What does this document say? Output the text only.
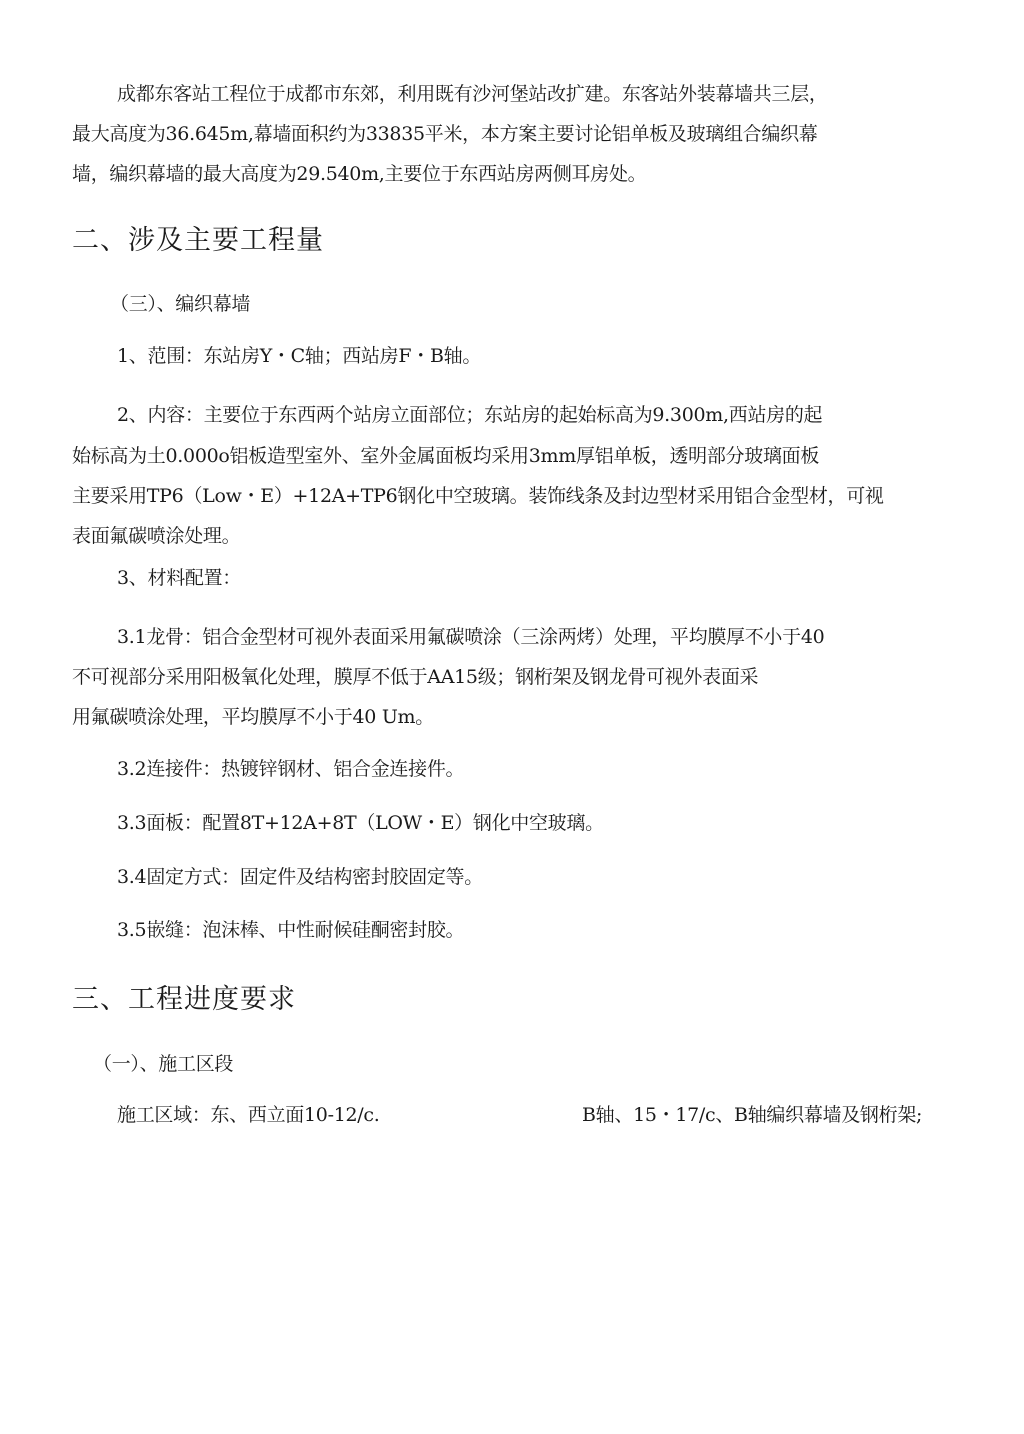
成都东客站工程位于成都市东郊，利用既有沙河堡站改扩建。东客站外装幕墙共三层，
最大高度为36.645m,幕墙面积约为33835平米，本方案主要讨论铝单板及玻璃组合编织幕
墙，编织幕墙的最大高度为29.540m,主要位于东西站房两侧耳房处。
二、涉及主要工程量
（三）、编织幕墙
1、范围：东站房Y・C轴；西站房F・B轴。
2、内容：主要位于东西两个站房立面部位；东站房的起始标高为9.300m,西站房的起
始标高为土0.000o铝板造型室外、室外金属面板均采用3mm厚铝单板，透明部分玻璃面板
主要采用TP6（Low・E）+12A+TP6钢化中空玻璃。装饰线条及封边型材采用铝合金型材，可视
表面氟碳喷涂处理。
3、材料配置：
3.1龙骨：铝合金型材可视外表面采用氟碳喷涂（三涂两烤）处理，平均膜厚不小于40
不可视部分采用阳极氧化处理，膜厚不低于AA15级；钢桁架及钢龙骨可视外表面采
用氟碳喷涂处理，平均膜厚不小于40 Um。
3.2连接件：热镀锌钢材、铝合金连接件。
3.3面板：配置8T+12A+8T（LOW・E）钢化中空玻璃。
3.4固定方式：固定件及结构密封胶固定等。
3.5嵌缝：泡沫棒、中性耐候硅酮密封胶。
三、工程进度要求
（一）、施工区段
施工区域：东、西立面10-12/c.	B轴、15・17/c、B轴编织幕墙及钢桁架;
